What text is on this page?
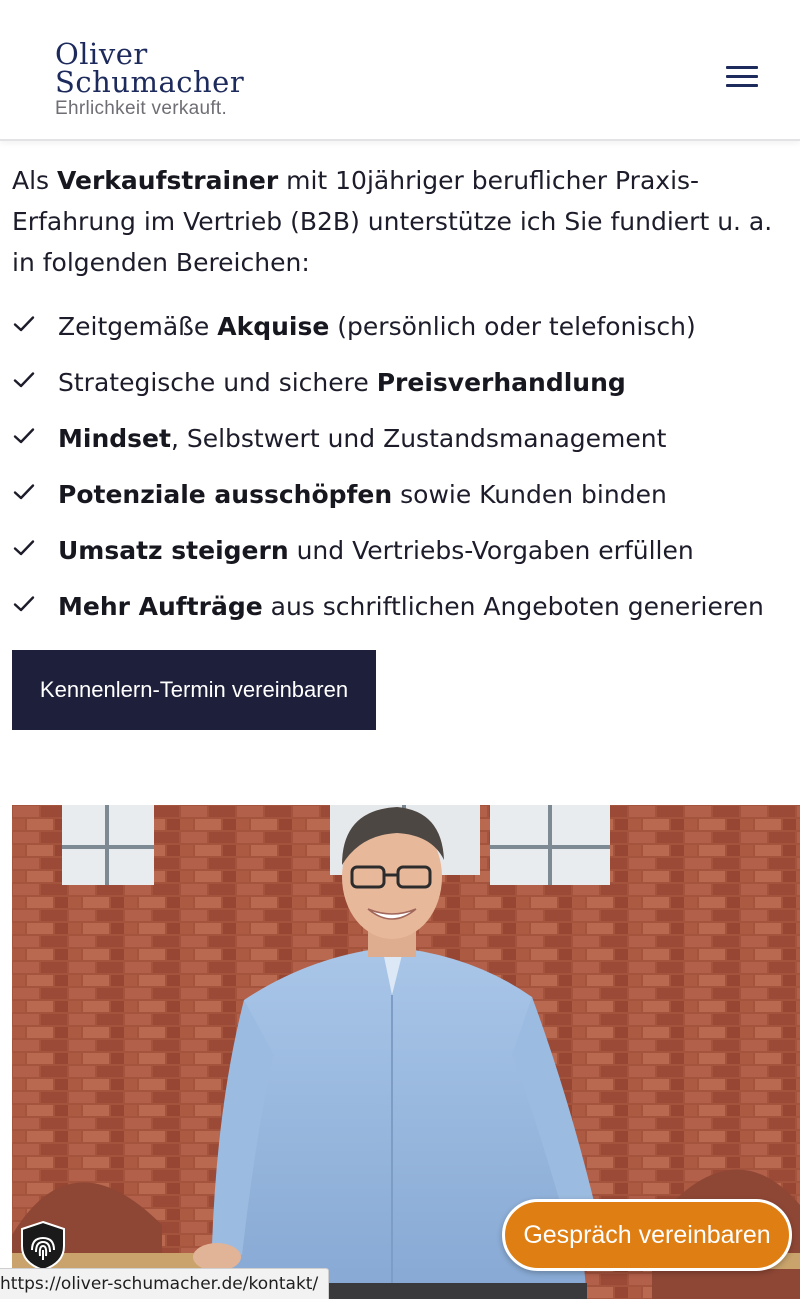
Oliver
Schumacher
Ehrlichkeit verkauft.

Als Verkaufstrainer mit 10jähriger beruflicher Praxis-Erfahrung im Vertrieb (B2B) unterstütze ich Sie fundiert u. a. in folgenden Bereichen:

Zeitgemäße Akquise (persönlich oder telefonisch)
Strategische und sichere Preisverhandlung
Mindset, Selbstwert und Zustandsmanagement
Potenziale ausschöpfen sowie Kunden binden
Umsatz steigern und Vertriebs-Vorgaben erfüllen
Mehr Aufträge aus schriftlichen Angeboten generieren
Kennenlern-Termin vereinbaren
Gespräch vereinbaren
https://oliver-schumacher.de/kontakt/
